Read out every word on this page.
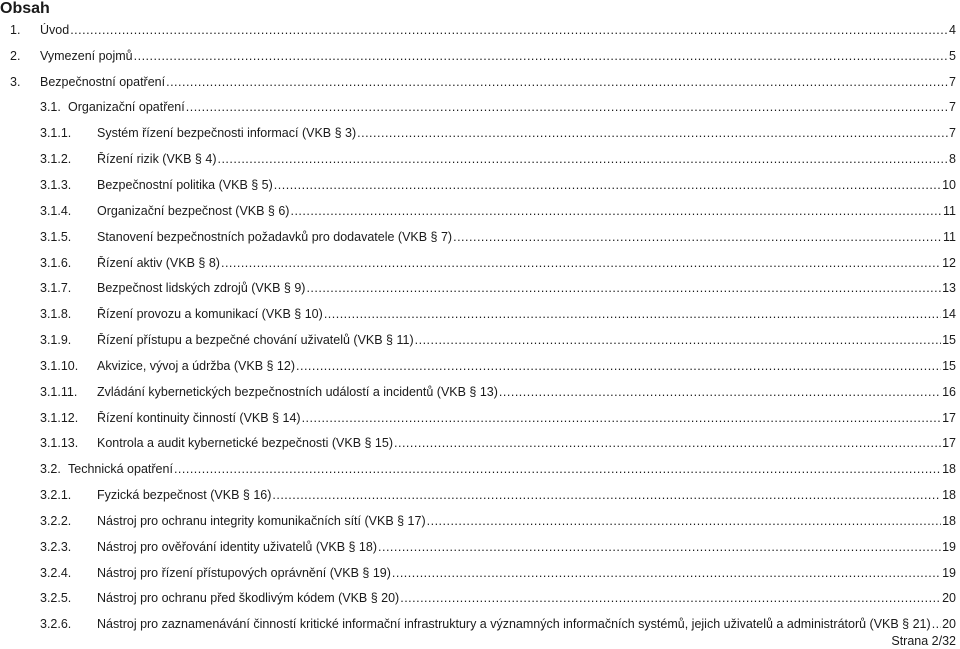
Obsah
1. Úvod .....	4
2. Vymezení pojmů .....	5
3. Bezpečnostní opatření .....	7
3.1. Organizační opatření .....	7
3.1.1. Systém řízení bezpečnosti informací (VKB § 3) .....	7
3.1.2. Řízení rizik (VKB § 4) .....	8
3.1.3. Bezpečnostní politika (VKB § 5) .....	10
3.1.4. Organizační bezpečnost (VKB § 6) .....	11
3.1.5. Stanovení bezpečnostních požadavků pro dodavatele (VKB § 7) .....	11
3.1.6. Řízení aktiv (VKB § 8) .....	12
3.1.7. Bezpečnost lidských zdrojů (VKB § 9) .....	13
3.1.8. Řízení provozu a komunikací (VKB § 10) .....	14
3.1.9. Řízení přístupu a bezpečné chování uživatelů (VKB § 11) .....	15
3.1.10. Akvizice, vývoj a údržba (VKB § 12) .....	15
3.1.11. Zvládání kybernetických bezpečnostních událostí a incidentů (VKB § 13) .....	16
3.1.12. Řízení kontinuity činností (VKB § 14) .....	17
3.1.13. Kontrola a audit kybernetické bezpečnosti (VKB § 15) .....	17
3.2. Technická opatření .....	18
3.2.1. Fyzická bezpečnost (VKB § 16) .....	18
3.2.2. Nástroj pro ochranu integrity komunikačních sítí (VKB § 17) .....	18
3.2.3. Nástroj pro ověřování identity uživatelů (VKB § 18) .....	19
3.2.4. Nástroj pro řízení přístupových oprávnění (VKB § 19) .....	19
3.2.5. Nástroj pro ochranu před škodlivým kódem (VKB § 20) .....	20
3.2.6. Nástroj pro zaznamenávání činností kritické informační infrastruktury a významných informačních systémů, jejich uživatelů a administrátorů (VKB § 21) ..... 20
Strana 2/32
